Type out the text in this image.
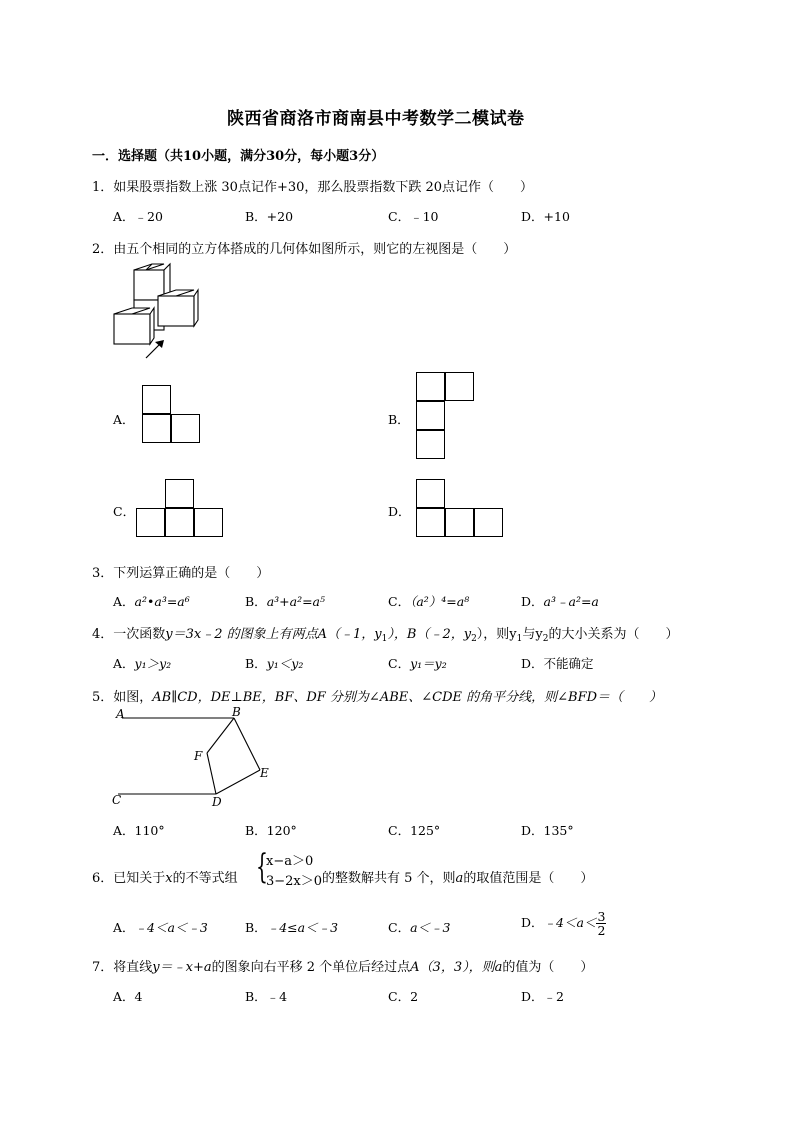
陕西省商洛市商南县中考数学二模试卷
一．选择题（共10小题，满分30分，每小题3分）
1．如果股票指数上涨 30点记作+30，那么股票指数下跌 20点记作（　　）
A．﹣20	B．+20	C．﹣10	D．+10
2．由五个相同的立方体搭成的几何体如图所示，则它的左视图是（　　）
A．	B．
C．	D．
3．下列运算正确的是（　　）
A．a²•a³=a⁶	B．a³+a²=a⁵	C．（a²）⁴=a⁸	D．a³﹣a²=a
4．一次函数y＝3x﹣2 的图象上有两点A（﹣1，$y_1$），B（﹣2，$y_2$），则$y_1$与$y_2$的大小关系为（　　）
A．y₁＞y₂	B．y₁＜y₂	C．y₁＝y₂	D．不能确定
5．如图，AB∥CD，DE⊥BE，BF、DF 分别为∠ABE、∠CDE 的角平分线，则∠BFD＝（　　）
A	B
C	D
E
F
A．110°	B．120°	C．125°	D．135°
6．已知关于x的不等式组 {
x−a＞0
3−2x＞0 的整数解共有 5 个，则a的取值范围是（　　）
A．﹣4＜a＜﹣3	B．﹣4≤a＜﹣3	C．a＜﹣3	D．﹣4＜a＜ $\frac{3}{2}$
7．将直线y＝﹣x+a的图象向右平移 2 个单位后经过点A（3，3），则a的值为（　　）
A．4	B．﹣4	C．2	D．﹣2
